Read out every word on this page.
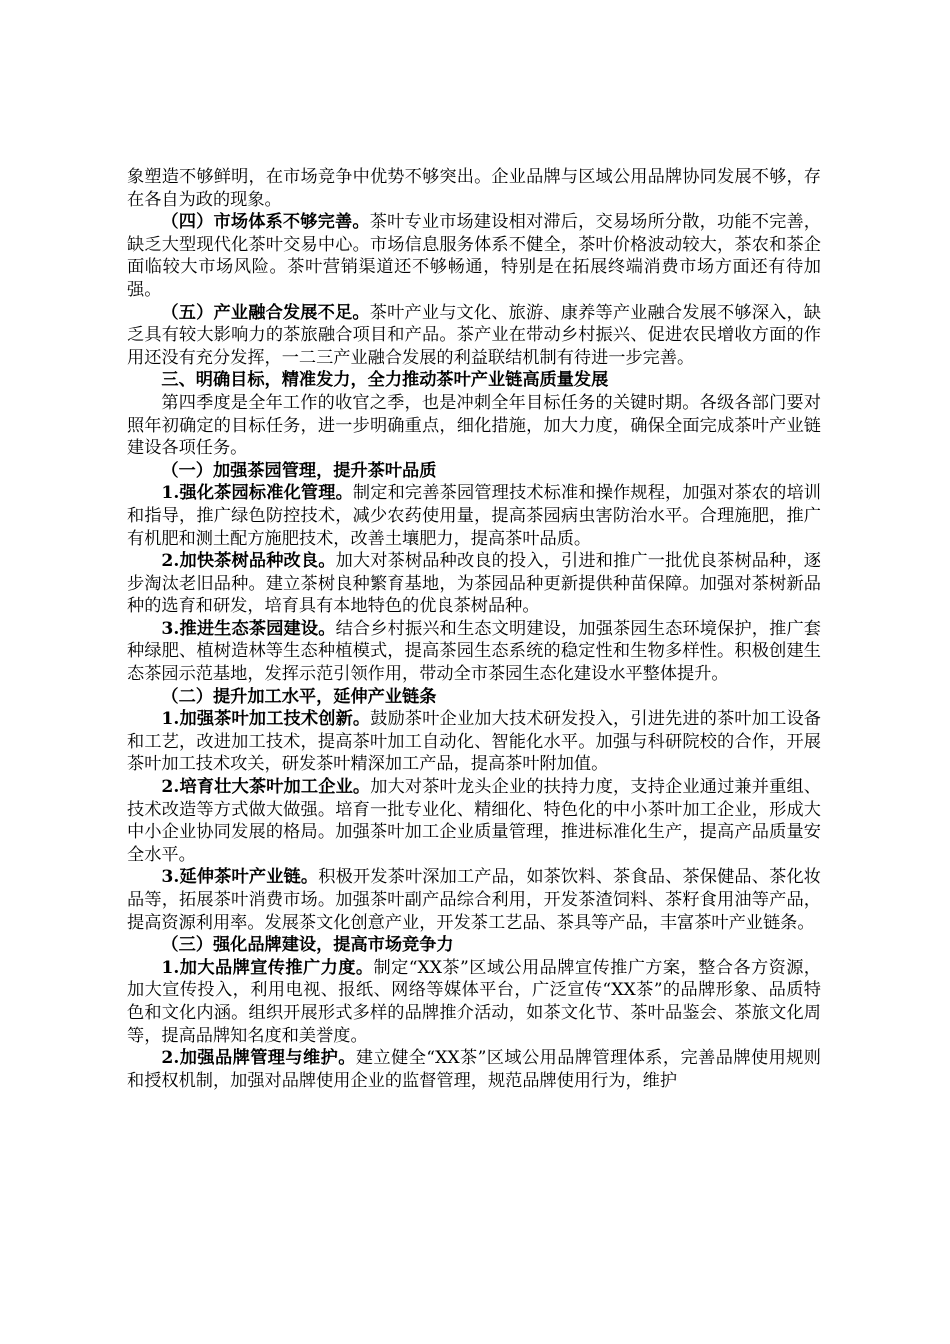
象塑造不够鲜明，在市场竞争中优势不够突出。企业品牌与区域公用品牌协同发展不够，存在各自为政的现象。

（四）市场体系不够完善。茶叶专业市场建设相对滞后，交易场所分散，功能不完善，缺乏大型现代化茶叶交易中心。市场信息服务体系不健全，茶叶价格波动较大，茶农和茶企面临较大市场风险。茶叶营销渠道还不够畅通，特别是在拓展终端消费市场方面还有待加强。

（五）产业融合发展不足。茶叶产业与文化、旅游、康养等产业融合发展不够深入，缺乏具有较大影响力的茶旅融合项目和产品。茶产业在带动乡村振兴、促进农民增收方面的作用还没有充分发挥，一二三产业融合发展的利益联结机制有待进一步完善。

三、明确目标，精准发力，全力推动茶叶产业链高质量发展

第四季度是全年工作的收官之季，也是冲刺全年目标任务的关键时期。各级各部门要对照年初确定的目标任务，进一步明确重点，细化措施，加大力度，确保全面完成茶叶产业链建设各项任务。

（一）加强茶园管理，提升茶叶品质

1.强化茶园标准化管理。制定和完善茶园管理技术标准和操作规程，加强对茶农的培训和指导，推广绿色防控技术，减少农药使用量，提高茶园病虫害防治水平。合理施肥，推广有机肥和测土配方施肥技术，改善土壤肥力，提高茶叶品质。

2.加快茶树品种改良。加大对茶树品种改良的投入，引进和推广一批优良茶树品种，逐步淘汰老旧品种。建立茶树良种繁育基地，为茶园品种更新提供种苗保障。加强对茶树新品种的选育和研发，培育具有本地特色的优良茶树品种。

3.推进生态茶园建设。结合乡村振兴和生态文明建设，加强茶园生态环境保护，推广套种绿肥、植树造林等生态种植模式，提高茶园生态系统的稳定性和生物多样性。积极创建生态茶园示范基地，发挥示范引领作用，带动全市茶园生态化建设水平整体提升。

（二）提升加工水平，延伸产业链条

1.加强茶叶加工技术创新。鼓励茶叶企业加大技术研发投入，引进先进的茶叶加工设备和工艺，改进加工技术，提高茶叶加工自动化、智能化水平。加强与科研院校的合作，开展茶叶加工技术攻关，研发茶叶精深加工产品，提高茶叶附加值。

2.培育壮大茶叶加工企业。加大对茶叶龙头企业的扶持力度，支持企业通过兼并重组、技术改造等方式做大做强。培育一批专业化、精细化、特色化的中小茶叶加工企业，形成大中小企业协同发展的格局。加强茶叶加工企业质量管理，推进标准化生产，提高产品质量安全水平。

3.延伸茶叶产业链。积极开发茶叶深加工产品，如茶饮料、茶食品、茶保健品、茶化妆品等，拓展茶叶消费市场。加强茶叶副产品综合利用，开发茶渣饲料、茶籽食用油等产品，提高资源利用率。发展茶文化创意产业，开发茶工艺品、茶具等产品，丰富茶叶产业链条。

（三）强化品牌建设，提高市场竞争力

1.加大品牌宣传推广力度。制定“XX茶”区域公用品牌宣传推广方案，整合各方资源，加大宣传投入，利用电视、报纸、网络等媒体平台，广泛宣传“XX茶”的品牌形象、品质特色和文化内涵。组织开展形式多样的品牌推介活动，如茶文化节、茶叶品鉴会、茶旅文化周等，提高品牌知名度和美誉度。

2.加强品牌管理与维护。建立健全“XX茶”区域公用品牌管理体系，完善品牌使用规则和授权机制，加强对品牌使用企业的监督管理，规范品牌使用行为，维护
